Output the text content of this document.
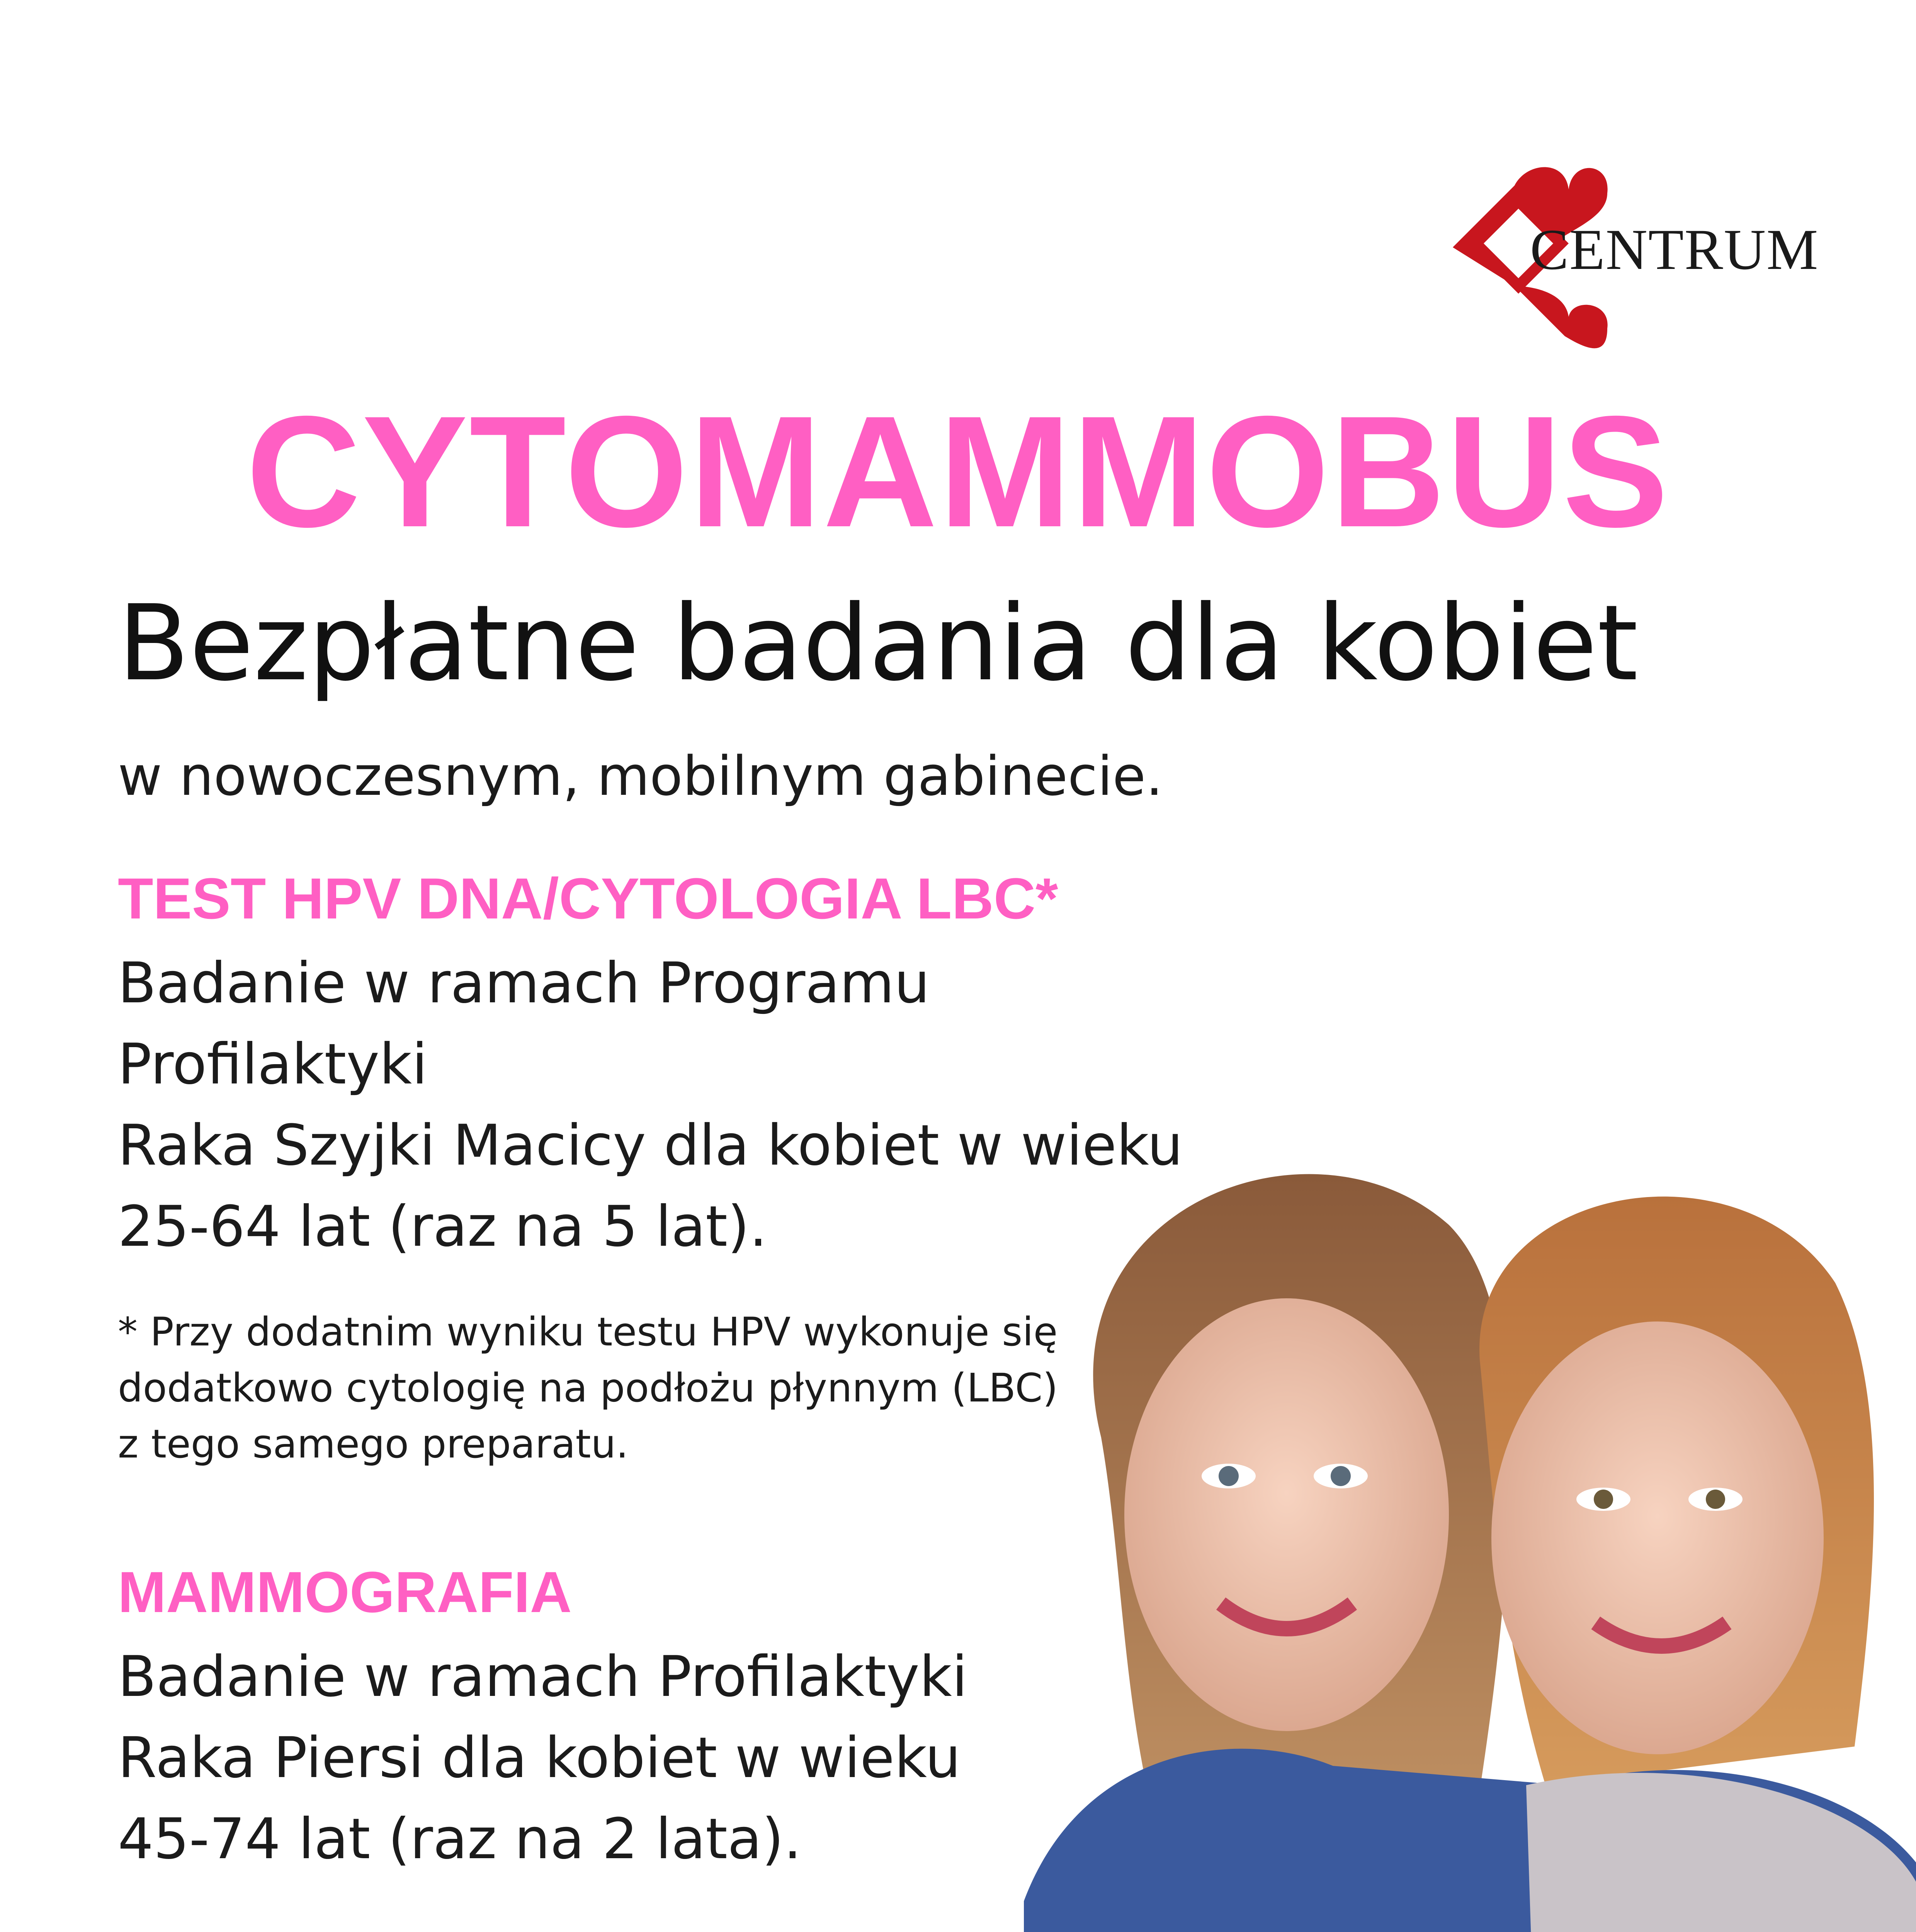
CENTRUM
CYTOMAMMOBUS
Bezpłatne badania dla kobiet
w nowoczesnym, mobilnym gabinecie.
TEST HPV DNA/CYTOLOGIA LBC*
Badanie w ramach Programu
Profilaktyki
Raka Szyjki Macicy dla kobiet w wieku
25-64 lat (raz na 5 lat).
* Przy dodatnim wyniku testu HPV wykonuje się
dodatkowo cytologię na podłożu płynnym (LBC)
z tego samego preparatu.
MAMMOGRAFIA
Badanie w ramach Profilaktyki
Raka Piersi dla kobiet w wieku
45-74 lat (raz na 2 lata).
